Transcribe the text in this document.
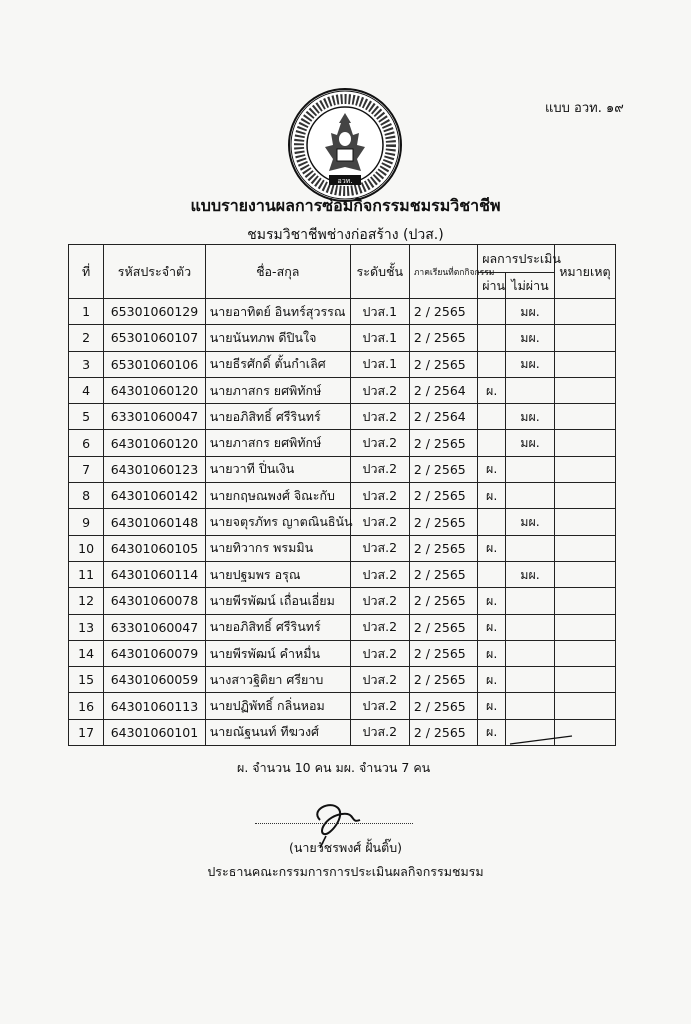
แบบ อวท. ๑๙
อวท.
แบบรายงานผลการซ่อมกิจกรรมชมรมวิชาชีพ
ชมรมวิชาชีพช่างก่อสร้าง (ปวส.)
ที่	รหัสประจำตัว	ชื่อ-สกุล	ระดับชั้น	ภาคเรียนที่ตกกิจกรรม	ผลการประเมิน		หมายเหตุ
					ผ่าน	ไม่ผ่าน	
1	65301060129	นายอาทิตย์ อินทร์สุวรรณ	ปวส.1	2 / 2565		มผ.	
2	65301060107	นายนันทภพ ดีปินใจ	ปวส.1	2 / 2565		มผ.	
3	65301060106	นายธีรศักดิ์ ตั้นกำเลิศ	ปวส.1	2 / 2565		มผ.	
4	64301060120	นายภาสกร ยศพิทักษ์	ปวส.2	2 / 2564	ผ.		
5	63301060047	นายอภิสิทธิ์ ศรีรินทร์	ปวส.2	2 / 2564		มผ.	
6	64301060120	นายภาสกร ยศพิทักษ์	ปวส.2	2 / 2565		มผ.	
7	64301060123	นายวาที ปิ่นเงิน	ปวส.2	2 / 2565	ผ.		
8	64301060142	นายกฤษณพงศ์ จิณะกับ	ปวส.2	2 / 2565	ผ.		
9	64301060148	นายจตุรภัทร ญาตณินธินัน	ปวส.2	2 / 2565		มผ.	
10	64301060105	นายทิวากร พรมมิน	ปวส.2	2 / 2565	ผ.		
11	64301060114	นายปฐมพร อรุณ	ปวส.2	2 / 2565		มผ.	
12	64301060078	นายพีรพัฒน์ เถื่อนเอี่ยม	ปวส.2	2 / 2565	ผ.		
13	63301060047	นายอภิสิทธิ์ ศรีรินทร์	ปวส.2	2 / 2565	ผ.		
14	64301060079	นายพีรพัฒน์ คำหมื่น	ปวส.2	2 / 2565	ผ.		
15	64301060059	นางสาวฐิติยา ศรียาบ	ปวส.2	2 / 2565	ผ.		
16	64301060113	นายปฏิพัทธิ์ กลิ่นหอม	ปวส.2	2 / 2565	ผ.		
17	64301060101	นายณัฐนนท์ ทีฆวงศ์	ปวส.2	2 / 2565	ผ.		
ผ. จำนวน 10 คน มผ. จำนวน 7 คน
(นายวัชรพงศ์ ฝั้นติ๊บ)
ประธานคณะกรรมการการประเมินผลกิจกรรมชมรม
